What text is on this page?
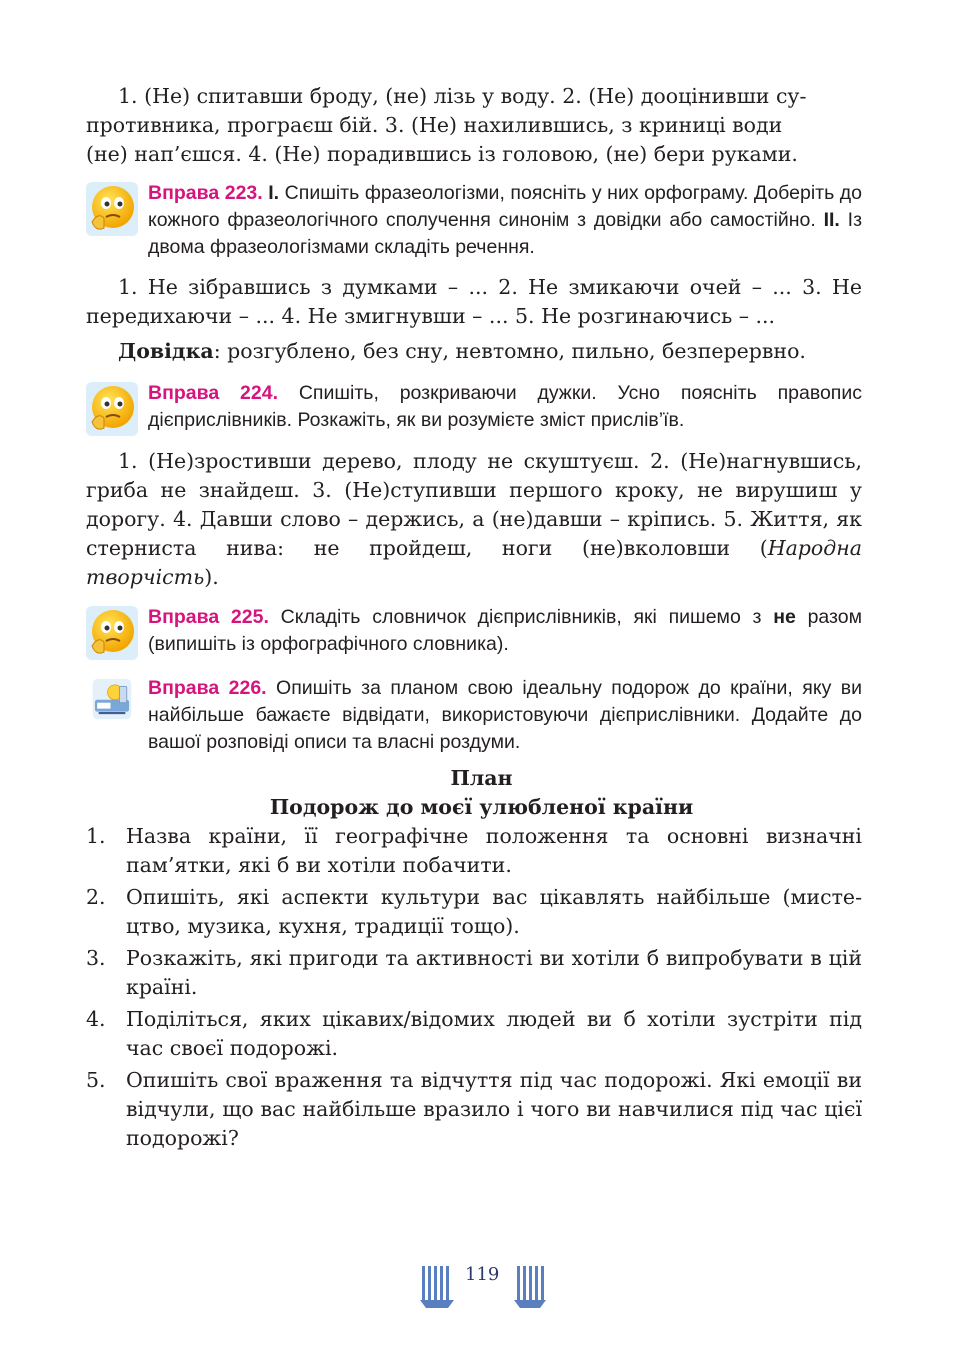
1. (Не) спитавши броду, (не) лізь у воду. 2. (Не) дооцінивши су-
противника, програєш бій. 3. (Не) нахилившись, з криниці води
(не) нап’єшся. 4. (Не) порадившись із головою, (не) бери руками.
Вправа 223. I. Спишіть фразеологізми, поясніть у них орфограму. Доберіть до кожного фразеологічного сполучення синонім з довідки або самостійно. II. Із двома фразеологізмами складіть речення.
1. Не зібравшись з думками – ... 2. Не змикаючи очей – ... 3. Не передихаючи – ... 4. Не змигнувши – ... 5. Не розгинаючись – ...
Довідка: розгублено, без сну, невтомно, пильно, безперервно.
Вправа 224. Спишіть, розкриваючи дужки. Усно поясніть правопис дієприслівників. Розкажіть, як ви розумієте зміст прислів’їв.
1. (Не)зростивши дерево, плоду не скуштуєш. 2. (Не)нагнувшись, гриба не знайдеш. 3. (Не)ступивши першого кроку, не вирушиш у дорогу. 4. Давши слово – держись, а (не)давши – кріпись. 5. Життя, як стерниста нива: не пройдеш, ноги (не)вколовши (Народна творчість).
Вправа 225. Складіть словничок дієприслівників, які пишемо з не разом (випишіть із орфографічного словника).
Вправа 226. Опишіть за планом свою ідеальну подорож до країни, яку ви найбільше бажаєте відвідати, використовуючи дієприслівники. Додайте до вашої розповіді описи та власні роздуми.
План
Подорож до моєї улюбленої країни
1. Назва країни, її географічне положення та основні визначні пам’ятки, які б ви хотіли побачити.
2. Опишіть, які аспекти культури вас цікавлять найбільше (мистецтво, музика, кухня, традиції тощо).
3. Розкажіть, які пригоди та активності ви хотіли б випробувати в цій країні.
4. Поділіться, яких цікавих/відомих людей ви б хотіли зустріти під час своєї подорожі.
5. Опишіть свої враження та відчуття під час подорожі. Які емоції ви відчули, що вас найбільше вразило і чого ви навчилися під час цієї подорожі?
119
